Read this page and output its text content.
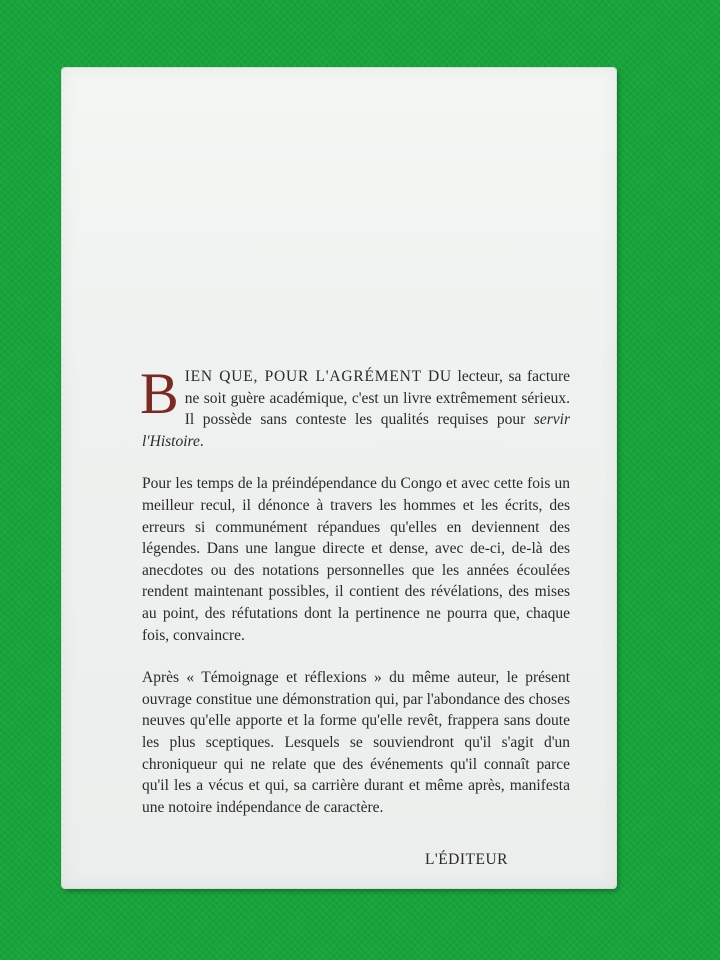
BIEN QUE, POUR L'AGRÉMENT DU lecteur, sa facture ne soit guère académique, c'est un livre extrêmement sérieux. Il possède sans conteste les qualités requises pour servir l'Histoire.

Pour les temps de la préindépendance du Congo et avec cette fois un meilleur recul, il dénonce à travers les hommes et les écrits, des erreurs si communément répandues qu'elles en deviennent des légendes. Dans une langue directe et dense, avec de-ci, de-là des anecdotes ou des notations personnelles que les années écoulées rendent maintenant possibles, il contient des révélations, des mises au point, des réfutations dont la pertinence ne pourra que, chaque fois, convaincre.

Après « Témoignage et réflexions » du même auteur, le présent ouvrage constitue une démonstration qui, par l'abondance des choses neuves qu'elle apporte et la forme qu'elle revêt, frappera sans doute les plus sceptiques. Lesquels se souviendront qu'il s'agit d'un chroniqueur qui ne relate que des événements qu'il connaît parce qu'il les a vécus et qui, sa carrière durant et même après, manifesta une notoire indépendance de caractère.

L'ÉDITEUR
